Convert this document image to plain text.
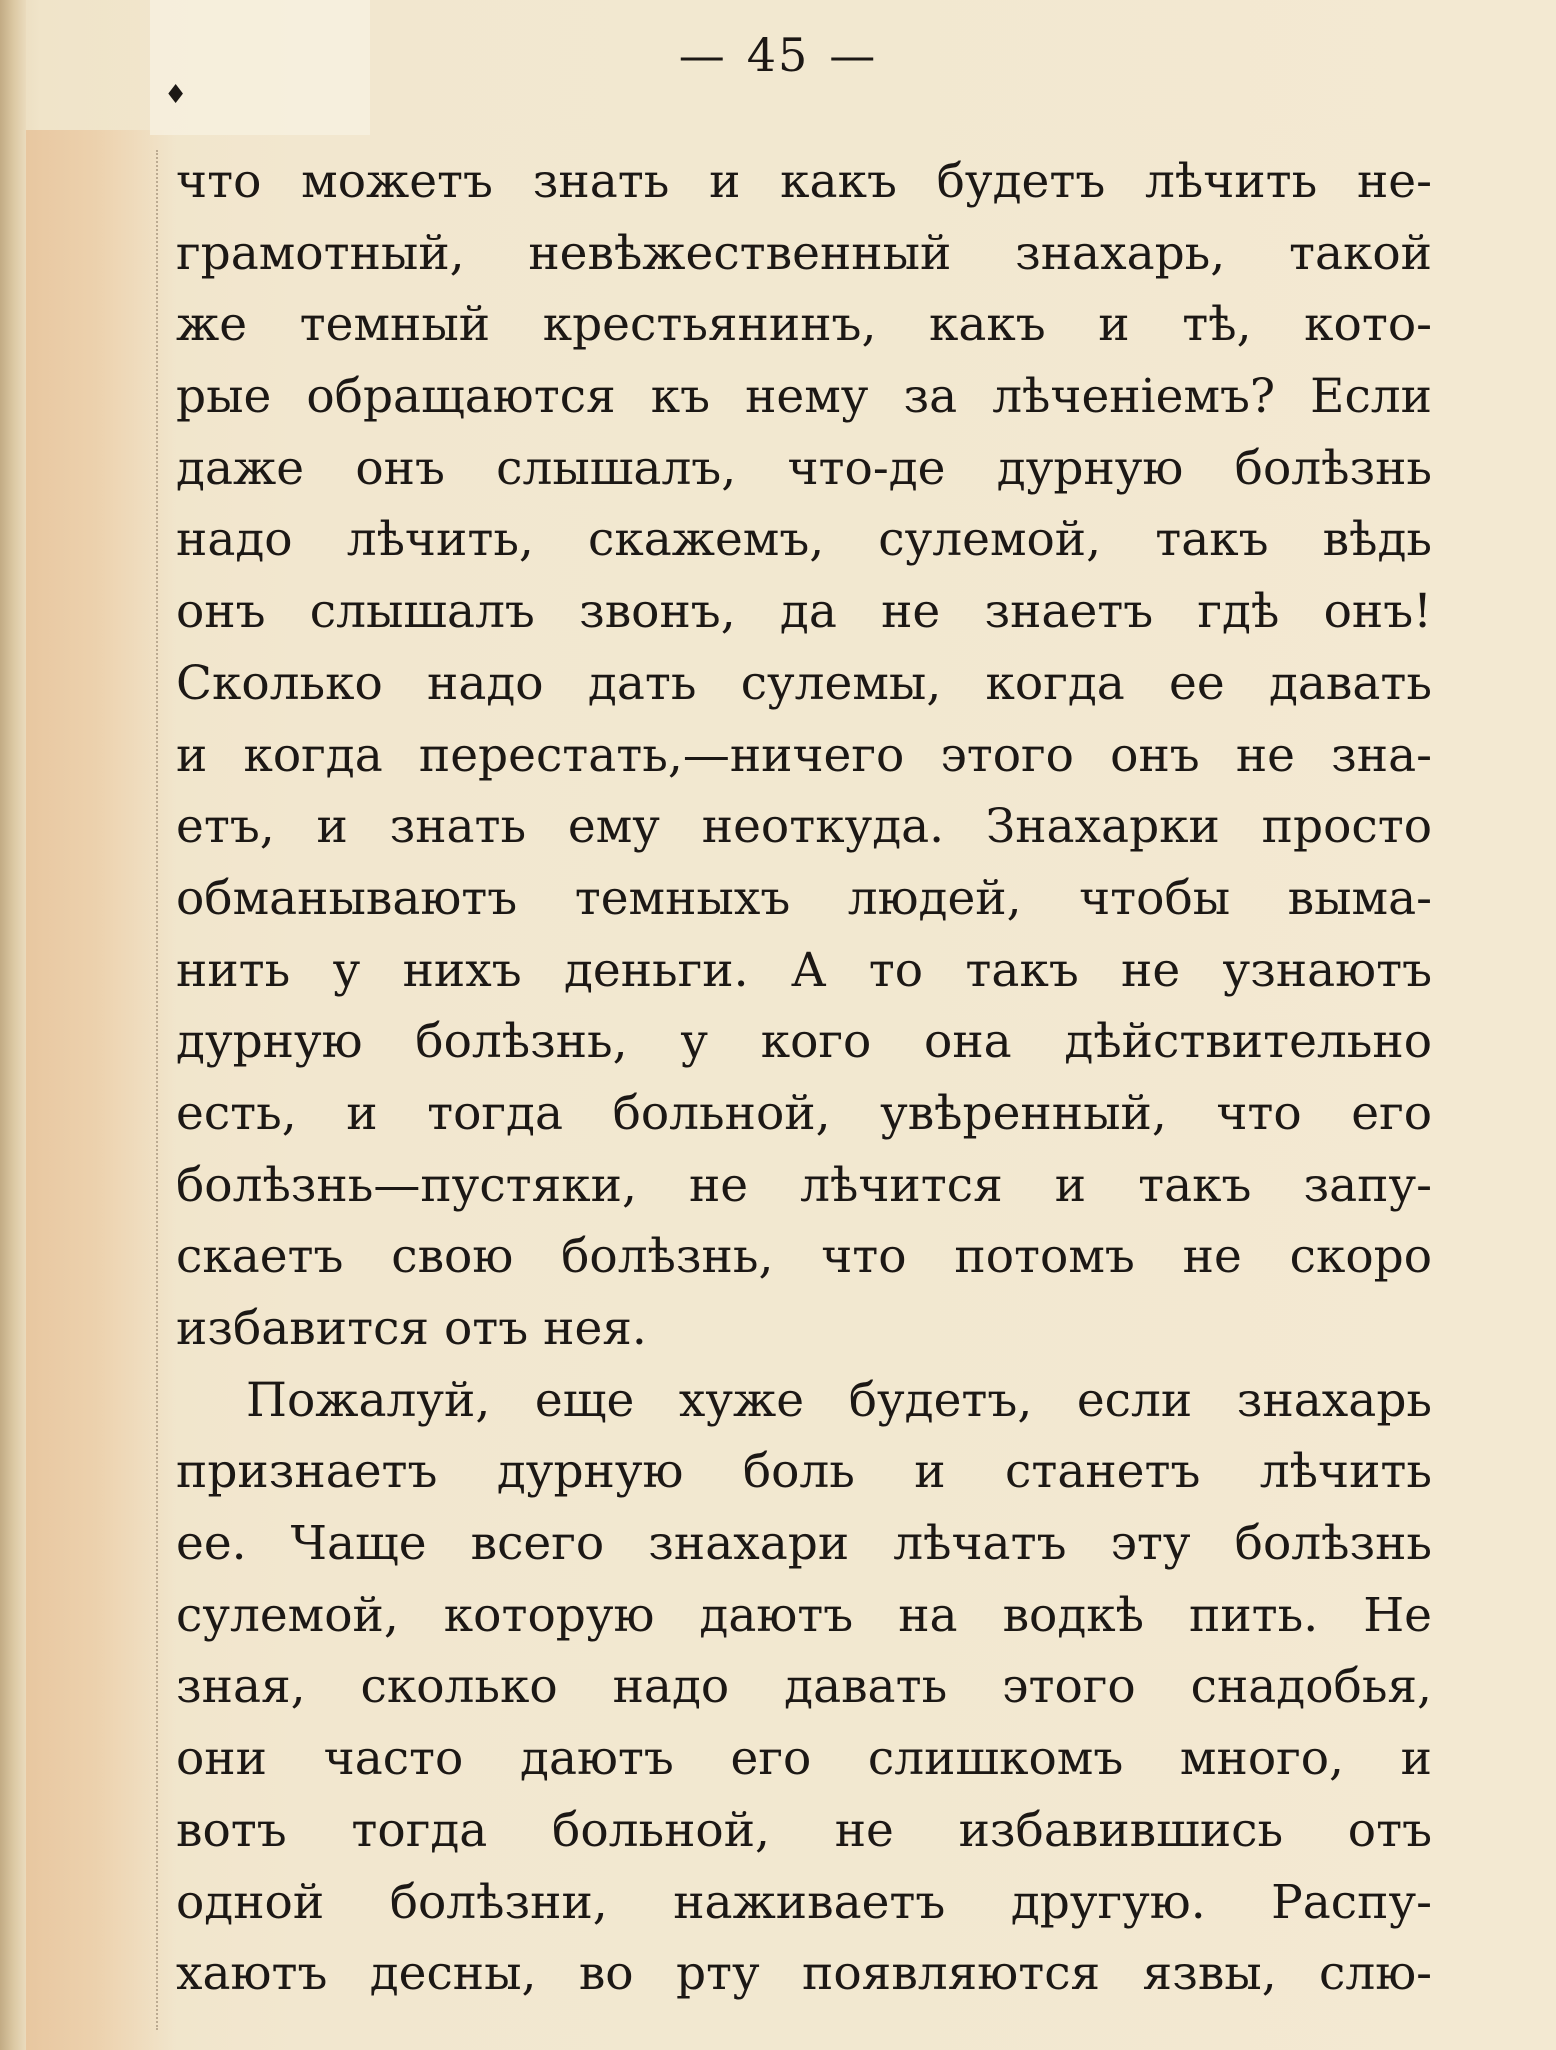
— 45 —
♦
что можетъ знать и какъ будетъ лѣчить не-
грамотный, невѣжественный знахарь, такой
же темный крестьянинъ, какъ и тѣ, кото-
рые обращаются къ нему за лѣченіемъ? Если
даже онъ слышалъ, что-де дурную болѣзнь
надо лѣчить, скажемъ, сулемой, такъ вѣдь
онъ слышалъ звонъ, да не знаетъ гдѣ онъ!
Сколько надо дать сулемы, когда ее давать
и когда перестать,—ничего этого онъ не зна-
етъ, и знать ему неоткуда. Знахарки просто
обманываютъ темныхъ людей, чтобы выма-
нить у нихъ деньги. А то такъ не узнаютъ
дурную болѣзнь, у кого она дѣйствительно
есть, и тогда больной, увѣренный, что его
болѣзнь—пустяки, не лѣчится и такъ запу-
скаетъ свою болѣзнь, что потомъ не скоро
избавится отъ нея.
Пожалуй, еще хуже будетъ, если знахарь
признаетъ дурную боль и станетъ лѣчить
ее. Чаще всего знахари лѣчатъ эту болѣзнь
сулемой, которую даютъ на водкѣ пить. Не
зная, сколько надо давать этого снадобья,
они часто даютъ его слишкомъ много, и
вотъ тогда больной, не избавившись отъ
одной болѣзни, наживаетъ другую. Распу-
хаютъ десны, во рту появляются язвы, слю-
